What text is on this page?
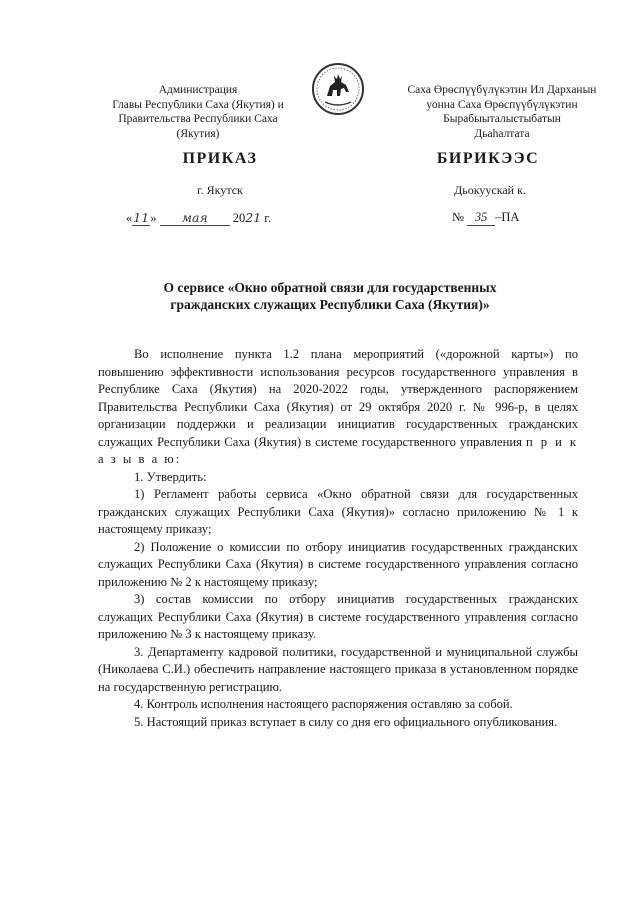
Администрация
Главы Республики Саха (Якутия) и
Правительства Республики Саха
(Якутия)
Саха Өрөспүүбүлүкэтин Ил Дарханын
уонна Саха Өрөспүүбүлүкэтин
Бырабыыталыстыбатын
Дьаһалтата
ПРИКАЗ	БИРИКЭЭС
г. Якутск	Дьокуускай к.
«11» мая 2021 г.	№ 35 –ПА
О сервисе «Окно обратной связи для государственных
гражданских служащих Республики Саха (Якутия)»

Во исполнение пункта 1.2 плана мероприятий («дорожной карты») по повышению эффективности использования ресурсов государственного управления в Республике Саха (Якутия) на 2020-2022 годы, утвержденного распоряжением Правительства Республики Саха (Якутия) от 29 октября 2020 г. № 996-р, в целях организации поддержки и реализации инициатив государственных гражданских служащих Республики Саха (Якутия) в системе государственного управления п р и к а з ы в а ю:

1. Утвердить:

1) Регламент работы сервиса «Окно обратной связи для государственных гражданских служащих Республики Саха (Якутия)» согласно приложению № 1 к настоящему приказу;

2) Положение о комиссии по отбору инициатив государственных гражданских служащих Республики Саха (Якутия) в системе государственного управления согласно приложению № 2 к настоящему приказу;

3) состав комиссии по отбору инициатив государственных гражданских служащих Республики Саха (Якутия) в системе государственного управления согласно приложению № 3 к настоящему приказу.

3. Департаменту кадровой политики, государственной и муниципальной службы (Николаева С.И.) обеспечить направление настоящего приказа в установленном порядке на государственную регистрацию.

4. Контроль исполнения настоящего распоряжения оставляю за собой.

5. Настоящий приказ вступает в силу со дня его официального опубликования.
